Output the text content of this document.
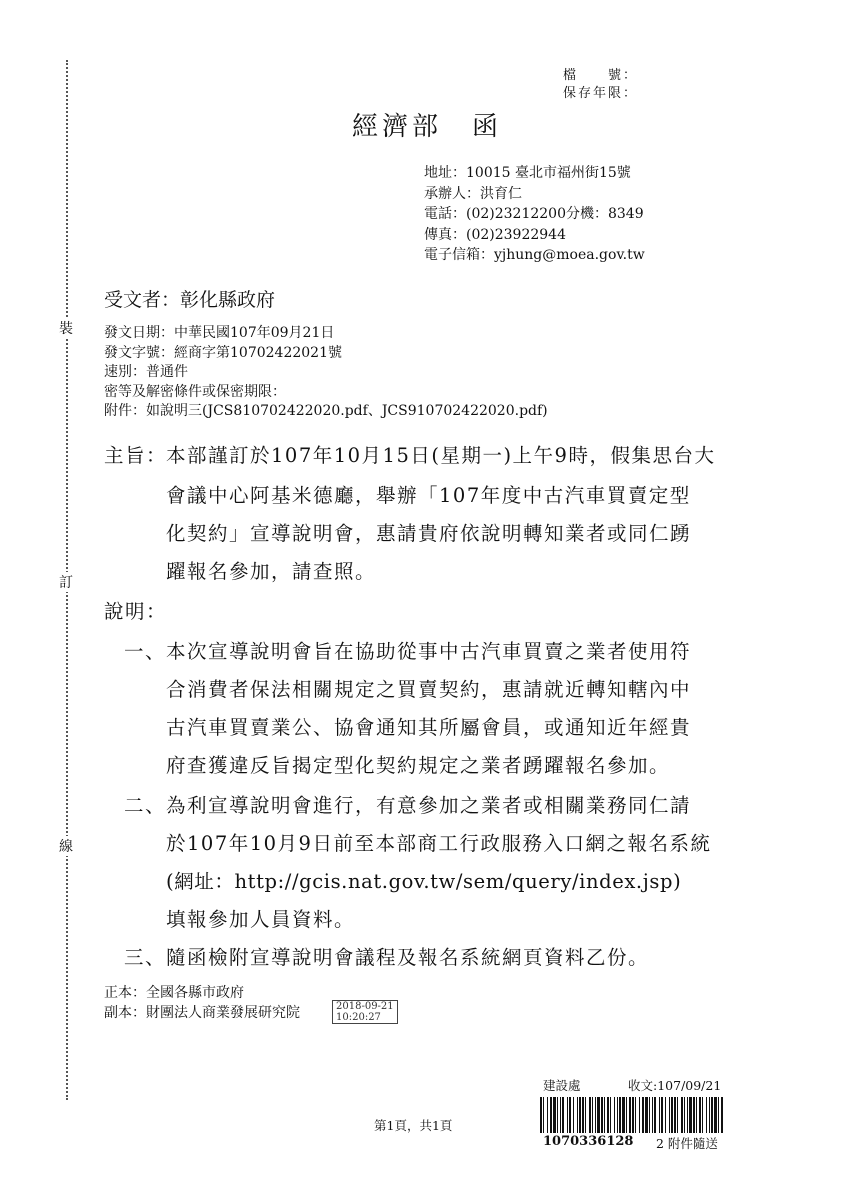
裝
訂
線
檔　　號：
保存年限：
經濟部　函
地址：10015 臺北市福州街15號
承辦人：洪育仁
電話：(02)23212200分機：8349
傳真：(02)23922944
電子信箱：yjhung@moea.gov.tw
受文者：彰化縣政府
發文日期：中華民國107年09月21日
發文字號：經商字第10702422021號
速別：普通件
密等及解密條件或保密期限：
附件：如說明三(JCS810702422020.pdf、JCS910702422020.pdf)
主旨：
本部謹訂於107年10月15日(星期一)上午9時，假集思台大
會議中心阿基米德廳，舉辦「107年度中古汽車買賣定型
化契約」宣導說明會，惠請貴府依說明轉知業者或同仁踴
躍報名參加，請查照。
說明：
一、 本次宣導說明會旨在協助從事中古汽車買賣之業者使用符
合消費者保法相關規定之買賣契約，惠請就近轉知轄內中
古汽車買賣業公、協會通知其所屬會員，或通知近年經貴
府查獲違反旨揭定型化契約規定之業者踴躍報名參加。
二、 為利宣導說明會進行，有意參加之業者或相關業務同仁請
於107年10月9日前至本部商工行政服務入口網之報名系統
(網址：http://gcis.nat.gov.tw/sem/query/index.jsp)
填報參加人員資料。
三、 隨函檢附宣導說明會議程及報名系統網頁資料乙份。
正本：全國各縣市政府
副本：財團法人商業發展研究院	2018-09-21
10:20:27
建設處	收文:107/09/21
1070336128 2 附件隨送
第1頁，共1頁
